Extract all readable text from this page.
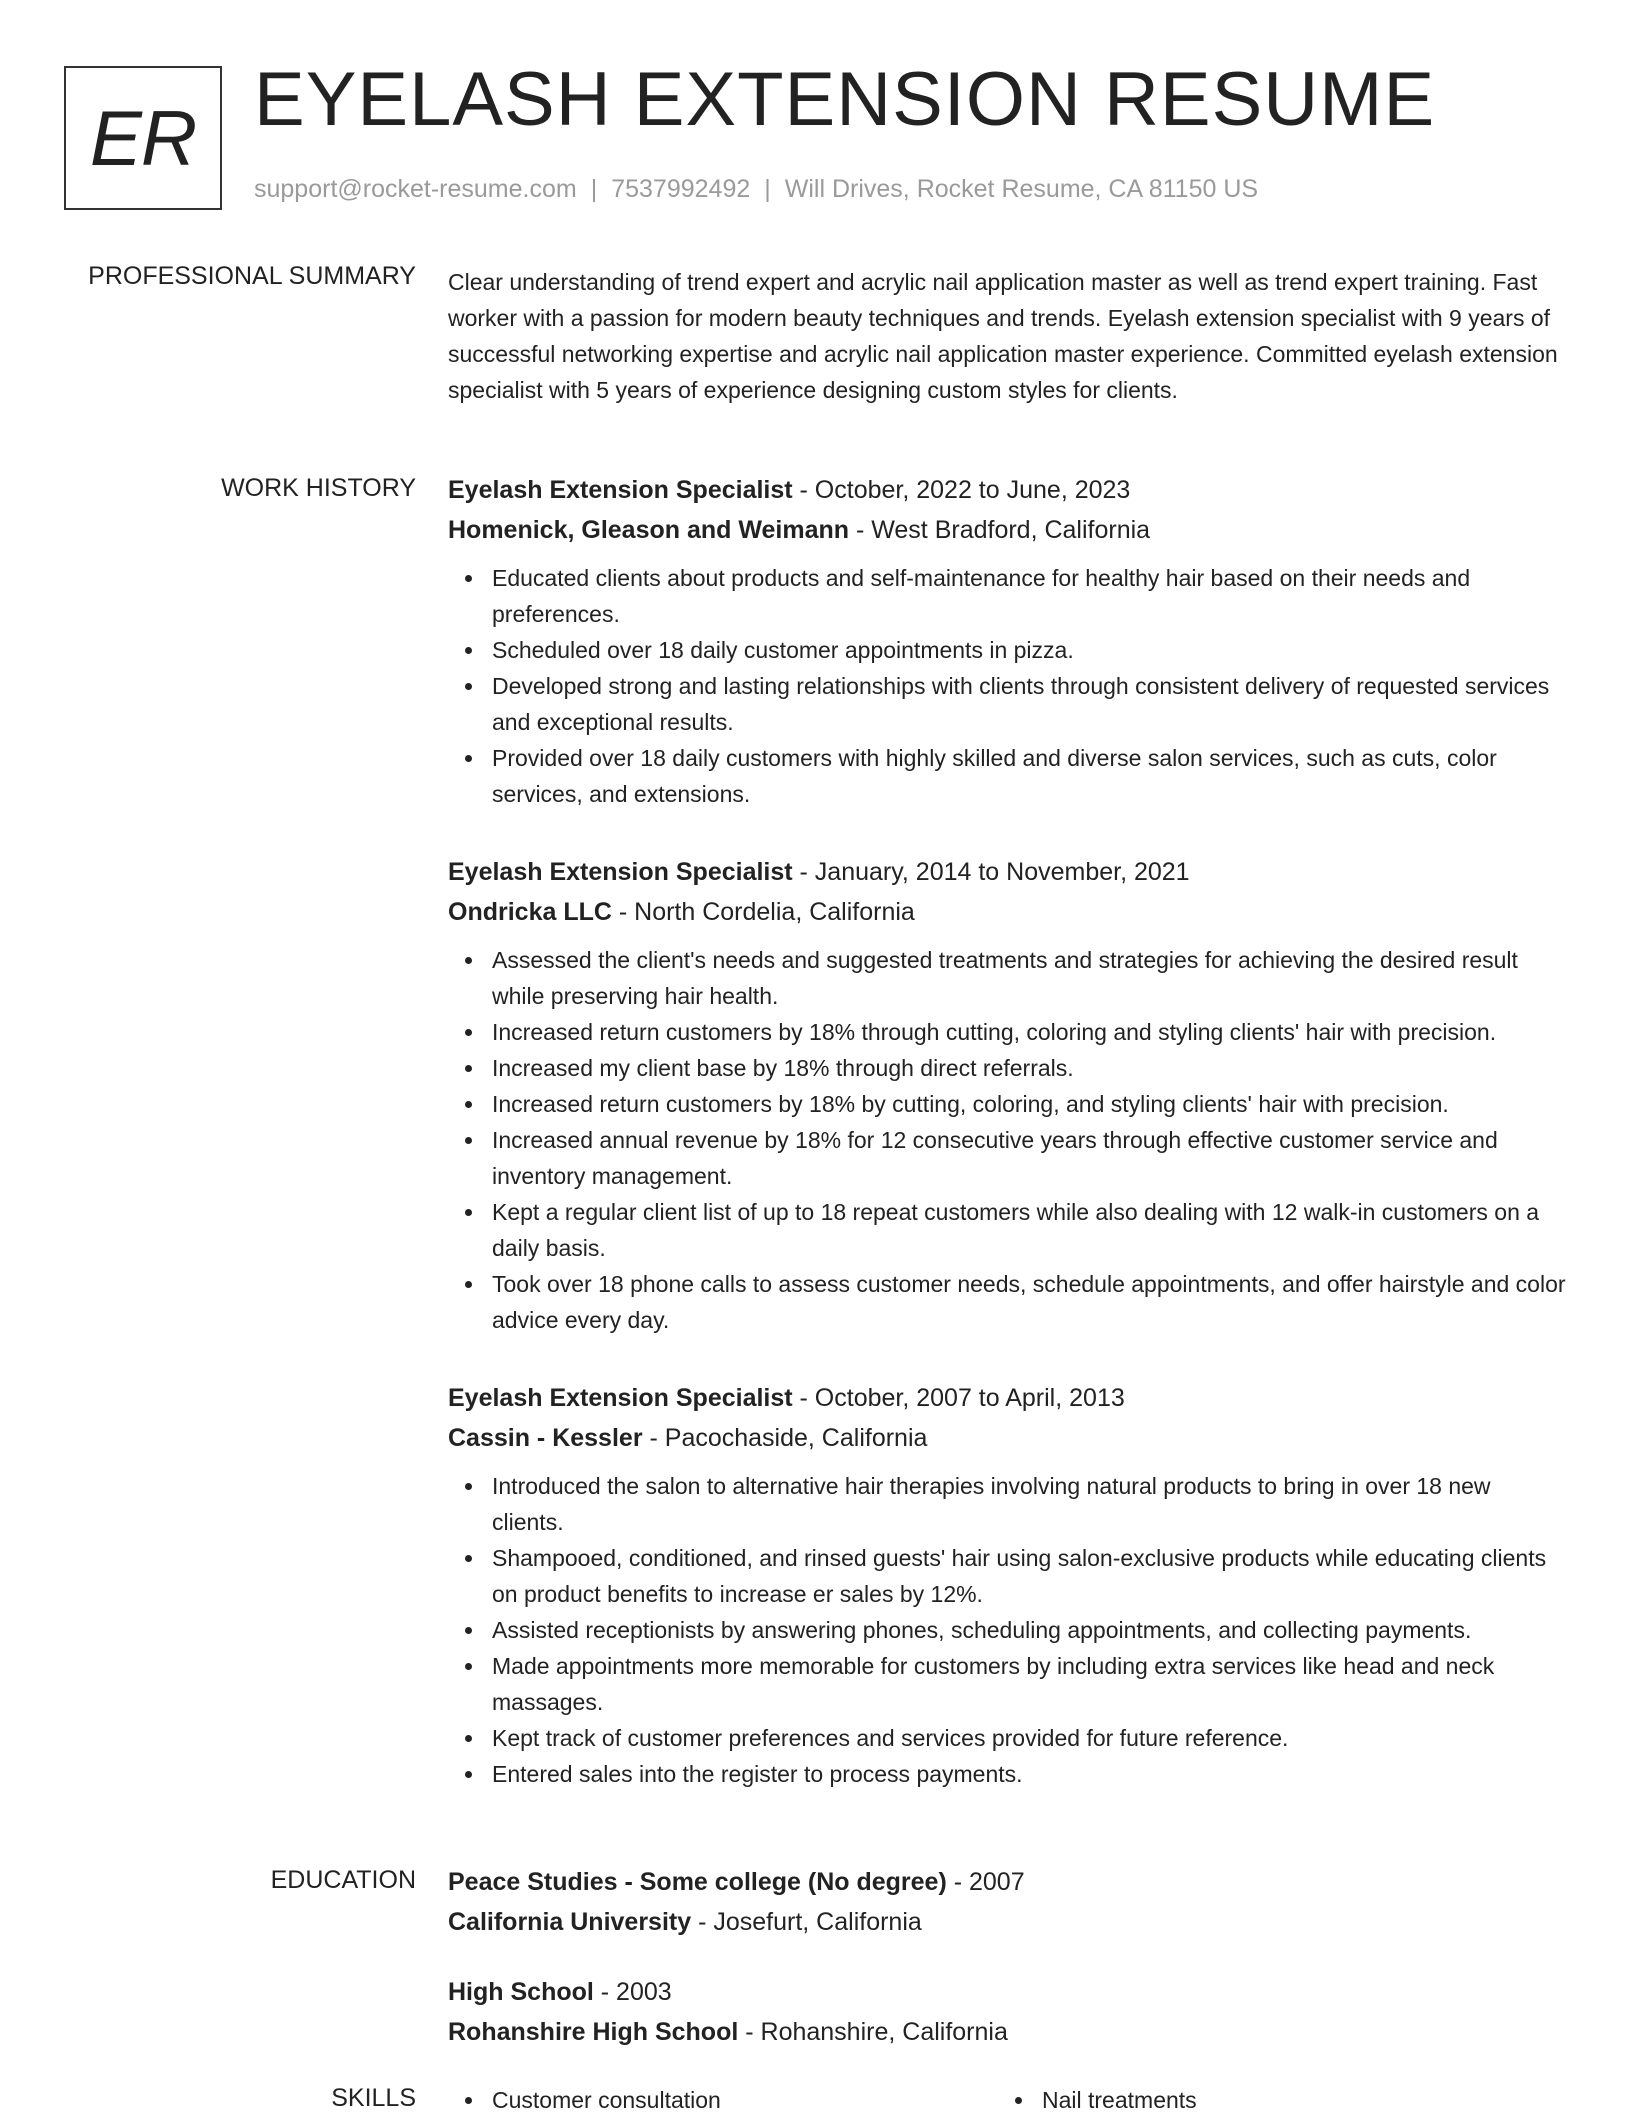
ER EYELASH EXTENSION RESUME
support@rocket-resume.com | 7537992492 | Will Drives, Rocket Resume, CA 81150 US
PROFESSIONAL SUMMARY Clear understanding of trend expert and acrylic nail application master as well as trend expert training. Fast worker with a passion for modern beauty techniques and trends. Eyelash extension specialist with 9 years of successful networking expertise and acrylic nail application master experience. Committed eyelash extension specialist with 5 years of experience designing custom styles for clients.

WORK HISTORY Eyelash Extension Specialist - October, 2022 to June, 2023
Homenick, Gleason and Weimann - West Bradford, California
Educated clients about products and self-maintenance for healthy hair based on their needs and preferences.
Scheduled over 18 daily customer appointments in pizza.
Developed strong and lasting relationships with clients through consistent delivery of requested services and exceptional results.
Provided over 18 daily customers with highly skilled and diverse salon services, such as cuts, color services, and extensions.
Eyelash Extension Specialist - January, 2014 to November, 2021
Ondricka LLC - North Cordelia, California
Assessed the client's needs and suggested treatments and strategies for achieving the desired result while preserving hair health.
Increased return customers by 18% through cutting, coloring and styling clients' hair with precision.
Increased my client base by 18% through direct referrals.
Increased return customers by 18% by cutting, coloring, and styling clients' hair with precision.
Increased annual revenue by 18% for 12 consecutive years through effective customer service and inventory management.
Kept a regular client list of up to 18 repeat customers while also dealing with 12 walk-in customers on a daily basis.
Took over 18 phone calls to assess customer needs, schedule appointments, and offer hairstyle and color advice every day.
Eyelash Extension Specialist - October, 2007 to April, 2013
Cassin - Kessler - Pacochaside, California
Introduced the salon to alternative hair therapies involving natural products to bring in over 18 new clients.
Shampooed, conditioned, and rinsed guests' hair using salon-exclusive products while educating clients on product benefits to increase er sales by 12%.
Assisted receptionists by answering phones, scheduling appointments, and collecting payments.
Made appointments more memorable for customers by including extra services like head and neck massages.
Kept track of customer preferences and services provided for future reference.
Entered sales into the register to process payments.
EDUCATION Peace Studies - Some college (No degree) - 2007
California University - Josefurt, California
High School - 2003
Rohanshire High School - Rohanshire, California
SKILLS	Customer consultation	Nail treatments
